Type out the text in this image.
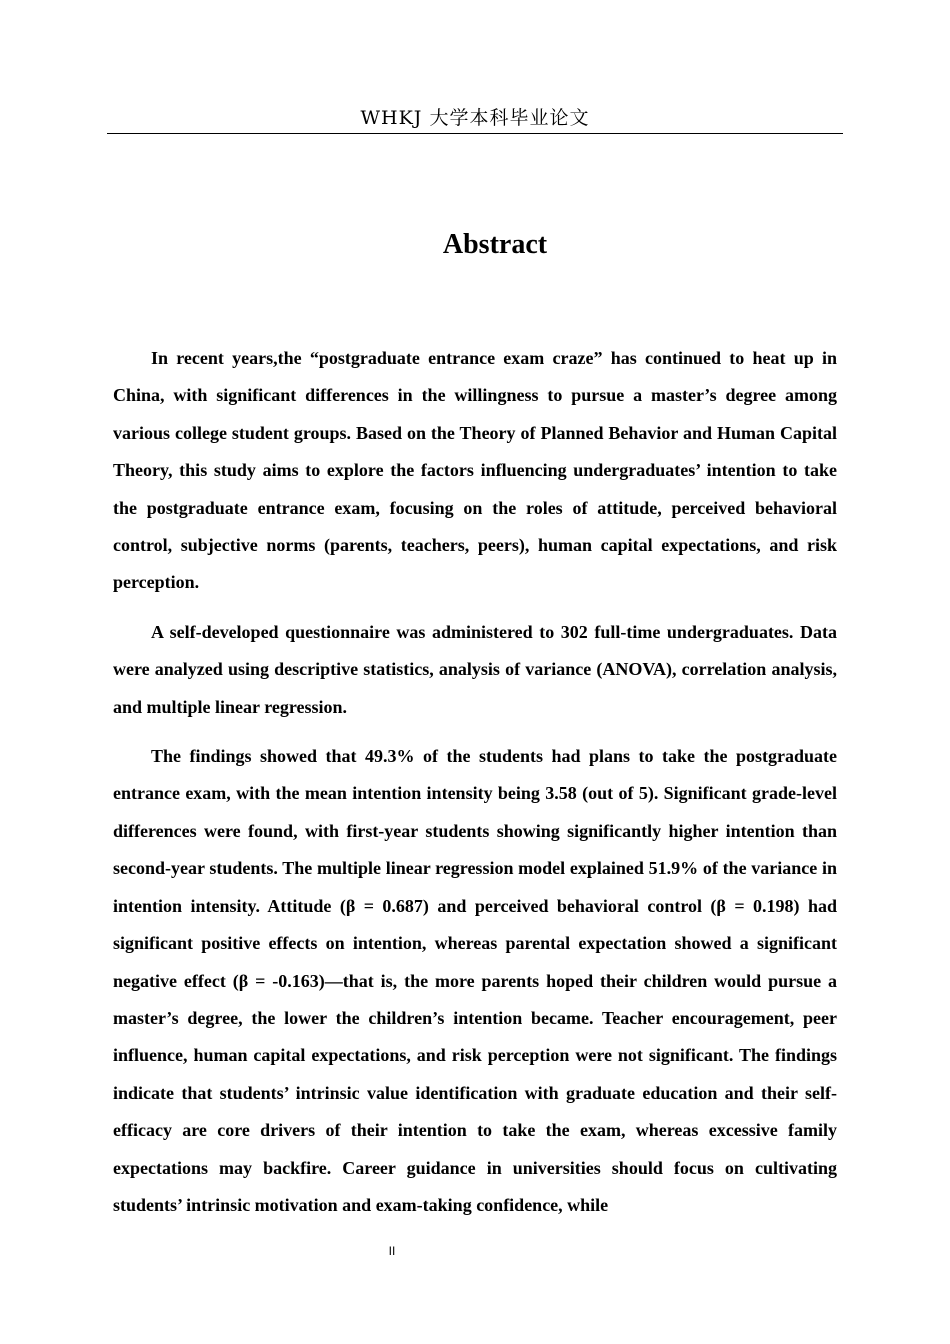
WHKJ 大学本科毕业论文
Abstract

In recent years,the “postgraduate entrance exam craze” has continued to heat up in China, with significant differences in the willingness to pursue a master’s degree among various college student groups. Based on the Theory of Planned Behavior and Human Capital Theory, this study aims to explore the factors influencing undergraduates’ intention to take the postgraduate entrance exam, focusing on the roles of attitude, perceived behavioral control, subjective norms (parents, teachers, peers), human capital expectations, and risk perception.

A self-developed questionnaire was administered to 302 full-time undergraduates. Data were analyzed using descriptive statistics, analysis of variance (ANOVA), correlation analysis, and multiple linear regression.

The findings showed that 49.3% of the students had plans to take the postgraduate entrance exam, with the mean intention intensity being 3.58 (out of 5). Significant grade-level differences were found, with first-year students showing significantly higher intention than second-year students. The multiple linear regression model explained 51.9% of the variance in intention intensity. Attitude (β = 0.687) and perceived behavioral control (β = 0.198) had significant positive effects on intention, whereas parental expectation showed a significant negative effect (β = -0.163)—that is, the more parents hoped their children would pursue a master’s degree, the lower the children’s intention became. Teacher encouragement, peer influence, human capital expectations, and risk perception were not significant. The findings indicate that students’ intrinsic value identification with graduate education and their self-efficacy are core drivers of their intention to take the exam, whereas excessive family expectations may backfire. Career guidance in universities should focus on cultivating students’ intrinsic motivation and exam-taking confidence, while

II
